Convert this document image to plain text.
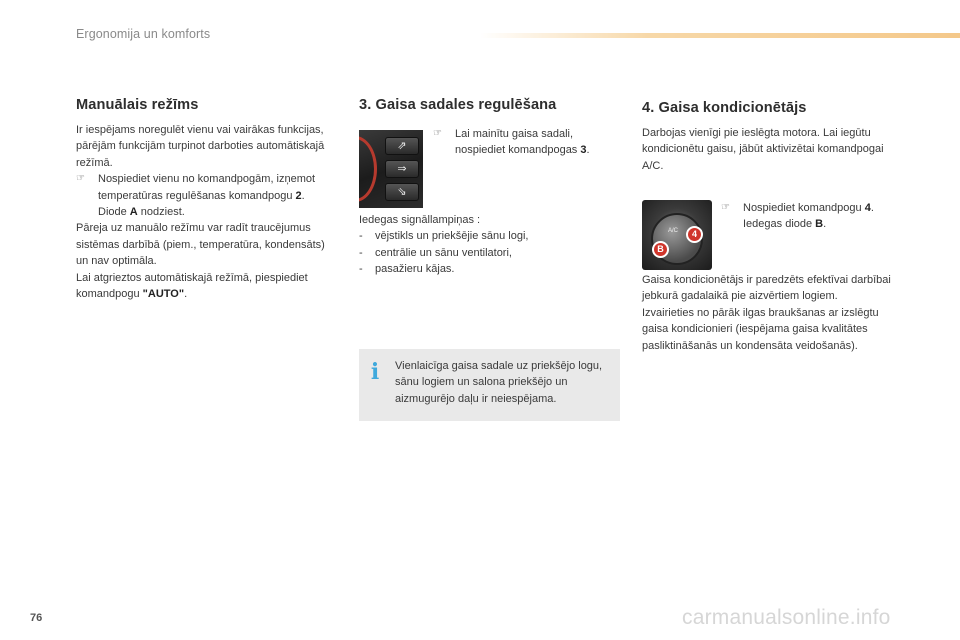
Ergonomija un komforts
Manuālais režīms
Ir iespējams noregulēt vienu vai vairākas funkcijas, pārējām funkcijām turpinot darboties automātiskajā režīmā.
☞	Nospiediet vienu no komandpogām, izņemot temperatūras regulēšanas komandpogu 2. Diode A nodziest.
Pāreja uz manuālo režīmu var radīt traucējumus sistēmas darbībā (piem., temperatūra, kondensāts) un nav optimāla.
Lai atgrieztos automātiskajā režīmā, piespiediet komandpogu "AUTO".
3. Gaisa sadales regulēšana
⇗
⇒
⇘
☞	Lai mainītu gaisa sadali, nospiediet komandpogas 3.
Iedegas signāllampiņas :
-	vējstikls un priekšējie sānu logi,
-	centrālie un sānu ventilatori,
-	pasažieru kājas.
i Vienlaicīga gaisa sadale uz priekšējo logu, sānu logiem un salona priekšējo un aizmugurējo daļu ir neiespējama.
4. Gaisa kondicionētājs
Darbojas vienīgi pie ieslēgta motora. Lai iegūtu kondicionētu gaisu, jābūt aktivizētai komandpogai A/C.
A/C
B
4
☞	Nospiediet komandpogu 4. Iedegas diode B.
Gaisa kondicionētājs ir paredzēts efektīvai darbībai jebkurā gadalaikā pie aizvērtiem logiem.
Izvairieties no pārāk ilgas braukšanas ar izslēgtu gaisa kondicionieri (iespējama gaisa kvalitātes pasliktināšanās un kondensāta veidošanās).
76	carmanualsonline.info
